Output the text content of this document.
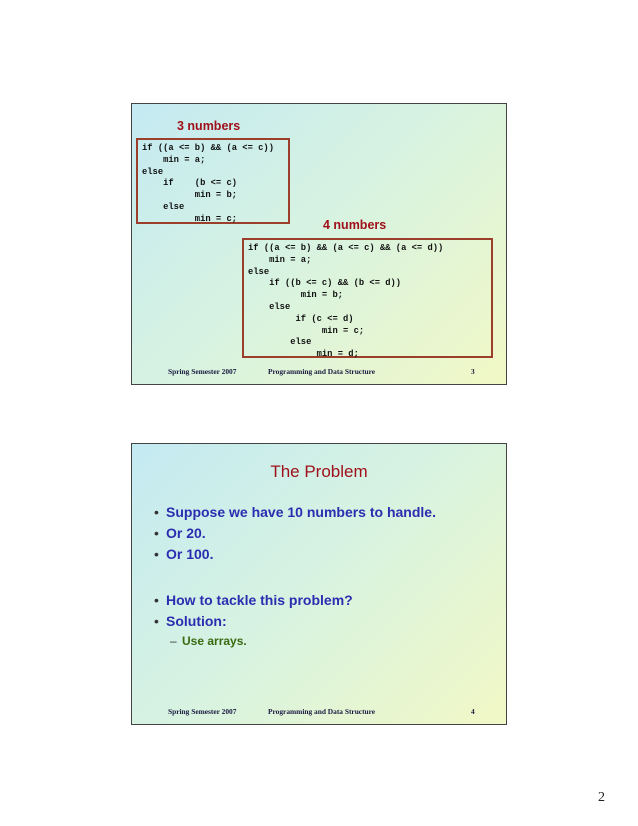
3 numbers
if ((a <= b) && (a <= c))
min = a;
else
if    (b <= c)
min = b;
else
min = c;	4 numbers
if ((a <= b) && (a <= c) && (a <= d))
min = a;
else
if ((b <= c) && (b <= d))
min = b;
else
if (c <= d)
min = c;
else
min = d;
Spring Semester 2007	Programming and Data Structure	3
The Problem
• Suppose we have 10 numbers to handle.
• Or 20.
• Or 100.
• How to tackle this problem?
• Solution:
– Use arrays.
Spring Semester 2007	Programming and Data Structure	4
2
